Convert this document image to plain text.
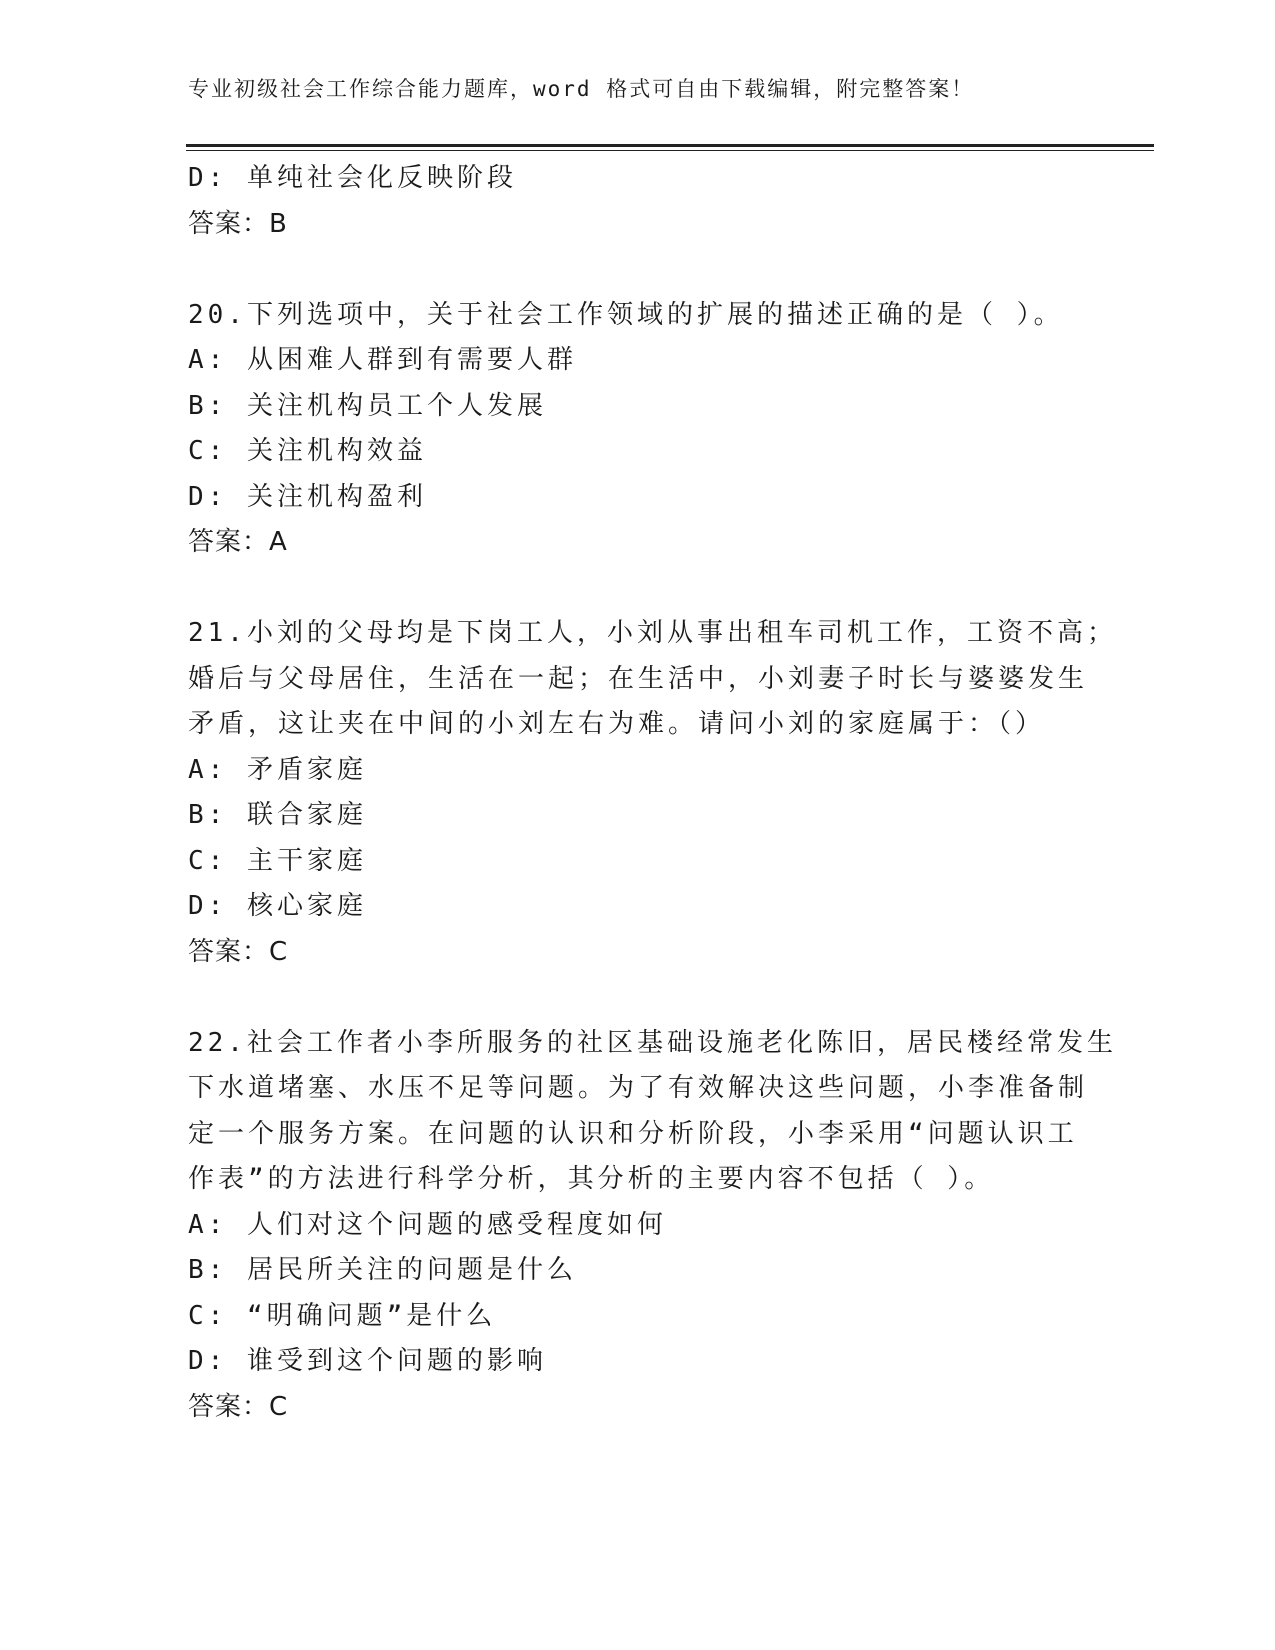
专业初级社会工作综合能力题库，word 格式可自由下载编辑，附完整答案！
D: 单纯社会化反映阶段
答案：B
20.下列选项中，关于社会工作领域的扩展的描述正确的是（ ）。
A: 从困难人群到有需要人群
B: 关注机构员工个人发展
C: 关注机构效益
D: 关注机构盈利
答案：A
21.小刘的父母均是下岗工人，小刘从事出租车司机工作，工资不高；
婚后与父母居住，生活在一起；在生活中，小刘妻子时长与婆婆发生
矛盾，这让夹在中间的小刘左右为难。请问小刘的家庭属于：（）
A: 矛盾家庭
B: 联合家庭
C: 主干家庭
D: 核心家庭
答案：C
22.社会工作者小李所服务的社区基础设施老化陈旧，居民楼经常发生
下水道堵塞、水压不足等问题。为了有效解决这些问题，小李准备制
定一个服务方案。在问题的认识和分析阶段，小李采用“问题认识工
作表”的方法进行科学分析，其分析的主要内容不包括（ ）。
A: 人们对这个问题的感受程度如何
B: 居民所关注的问题是什么
C: “明确问题”是什么
D: 谁受到这个问题的影响
答案：C
